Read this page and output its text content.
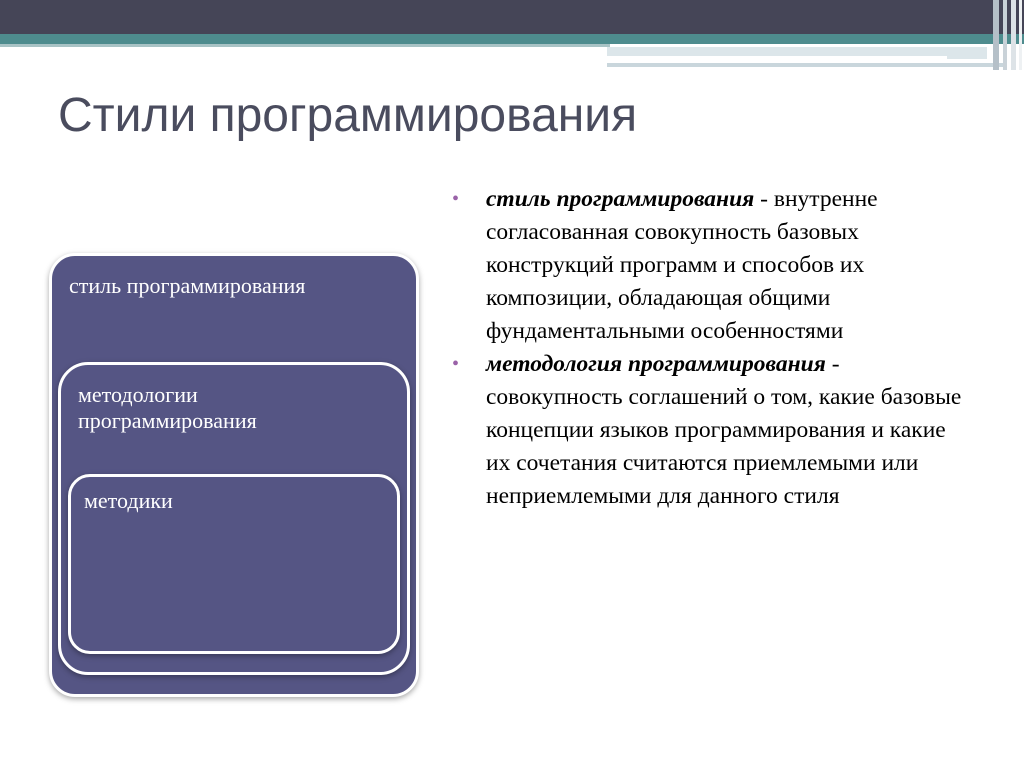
Стили программирования
стиль программирования
методологии программирования
методики
• стиль программирования - внутренне согласованная совокупность базовых конструкций программ и способов их композиции, обладающая общими фундаментальными особенностями
• методология программирования - совокупность соглашений о том, какие базовые концепции языков программирования и какие их сочетания считаются приемлемыми или неприемлемыми для данного стиля
